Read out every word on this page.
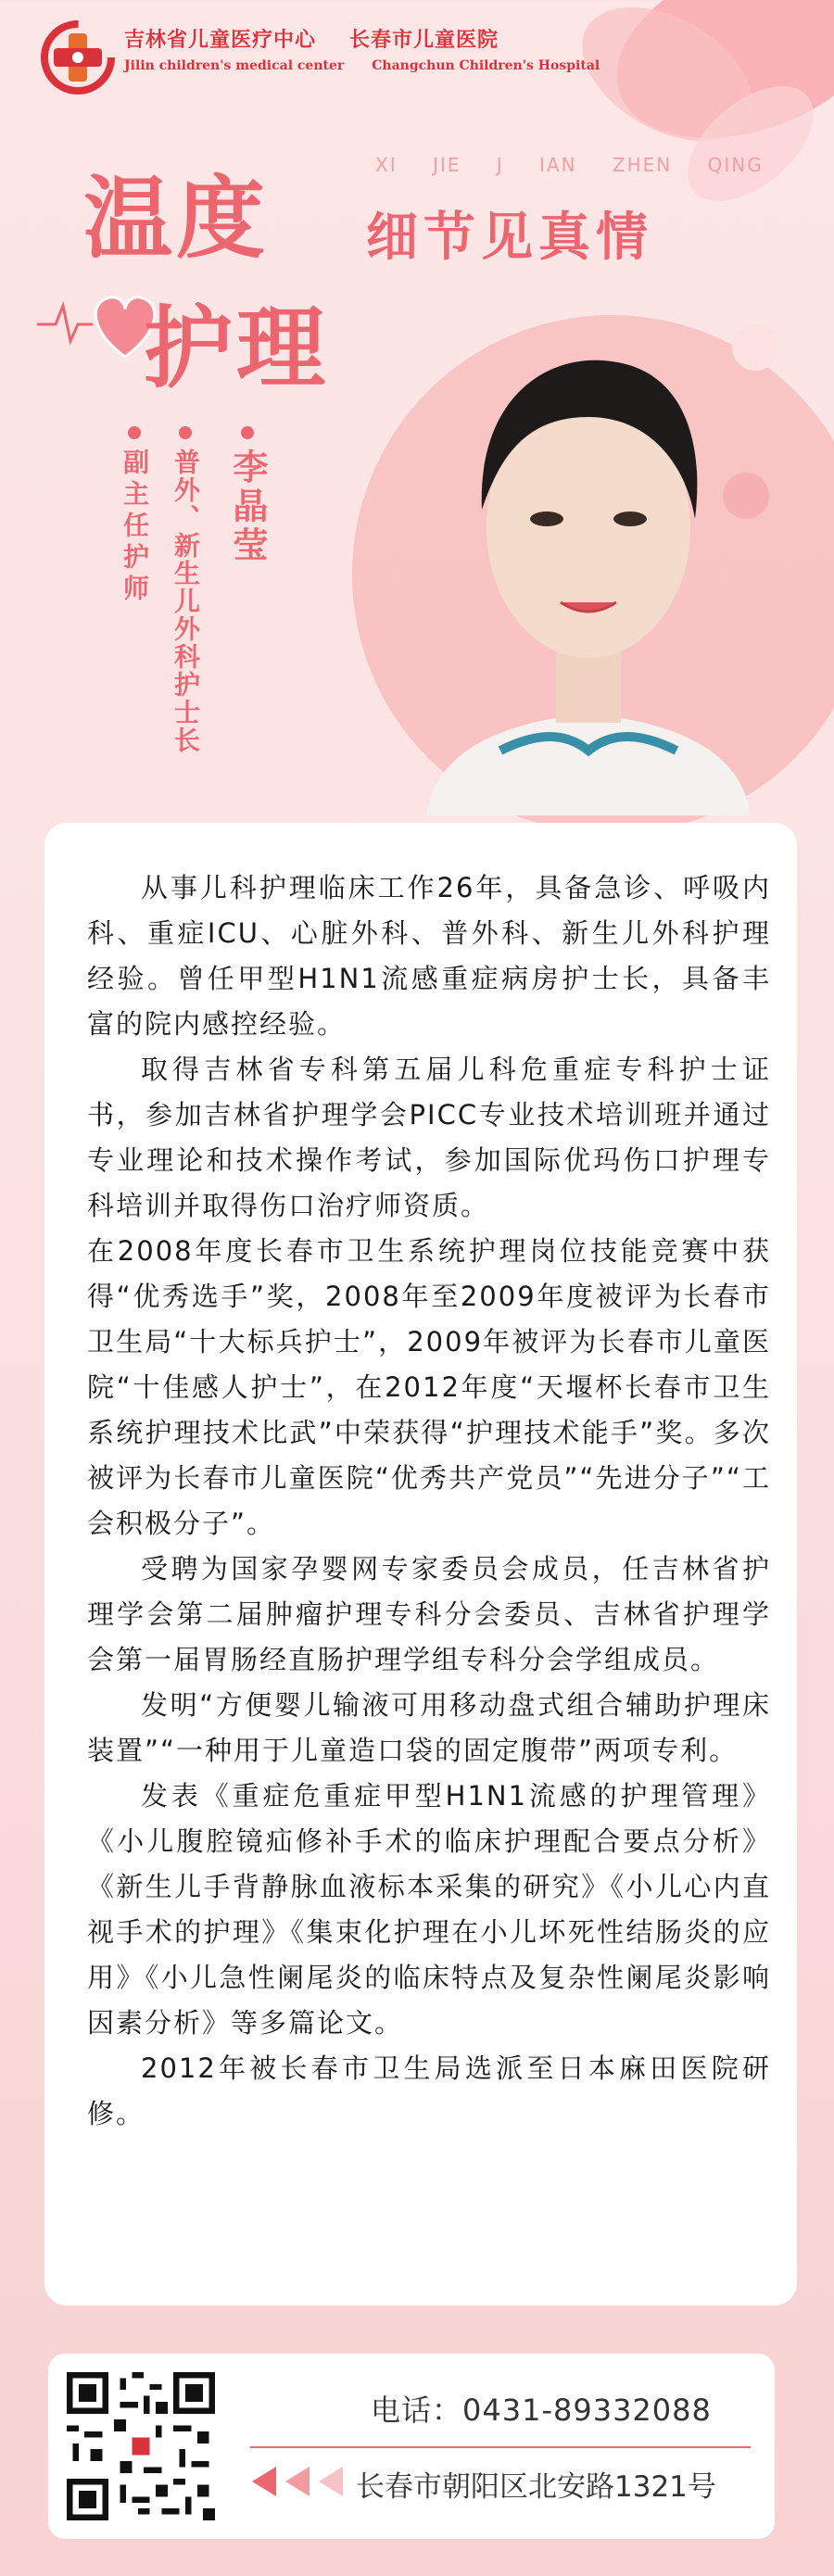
吉林省儿童医疗中心 长春市儿童医院
Jilin children's medical center Changchun Children's Hospital
温度
XI JIE J IAN ZHEN QING
细节见真情
护理
李晶莹
普外、新生儿外科护士长
副主任护师

从事儿科护理临床工作26年，具备急诊、呼吸内科、重症ICU、心脏外科、普外科、新生儿外科护理经验。曾任甲型H1N1流感重症病房护士长，具备丰富的院内感控经验。

取得吉林省专科第五届儿科危重症专科护士证书，参加吉林省护理学会PICC专业技术培训班并通过专业理论和技术操作考试，参加国际优玛伤口护理专科培训并取得伤口治疗师资质。

在2008年度长春市卫生系统护理岗位技能竞赛中获得“优秀选手”奖，2008年至2009年度被评为长春市卫生局“十大标兵护士”，2009年被评为长春市儿童医院“十佳感人护士”，在2012年度“天堰杯长春市卫生系统护理技术比武”中荣获得“护理技术能手”奖。多次被评为长春市儿童医院“优秀共产党员”“先进分子”“工会积极分子”。

受聘为国家孕婴网专家委员会成员，任吉林省护理学会第二届肿瘤护理专科分会委员、吉林省护理学会第一届胃肠经直肠护理学组专科分会学组成员。

发明“方便婴儿输液可用移动盘式组合辅助护理床装置”“一种用于儿童造口袋的固定腹带”两项专利。

发表《重症危重症甲型H1N1流感的护理管理》《小儿腹腔镜疝修补手术的临床护理配合要点分析》《新生儿手背静脉血液标本采集的研究》《小儿心内直视手术的护理》《集束化护理在小儿坏死性结肠炎的应用》《小儿急性阑尾炎的临床特点及复杂性阑尾炎影响因素分析》等多篇论文。

2012年被长春市卫生局选派至日本麻田医院研修。

电话：0431-89332088
长春市朝阳区北安路1321号
